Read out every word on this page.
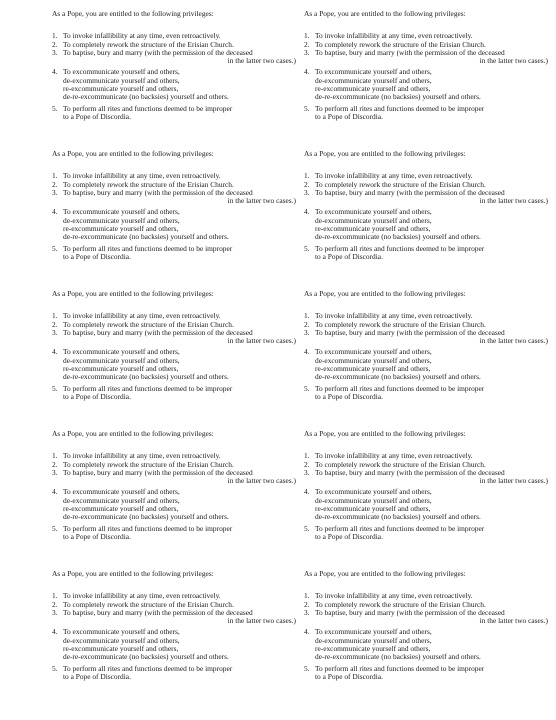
As a Pope, you are entitled to the following privileges:
1. To invoke infallibility at any time, even retroactively.
2. To completely rework the structure of the Erisian Church.
3. To baptise, bury and marry (with the permission of the deceased
in the latter two cases.)
4. To excommunicate yourself and others,
de-excommunicate yourself and others,
re-excommunicate yourself and others,
de-re-excommunicate (no backsies) yourself and others.
5. To perform all rites and functions deemed to be improper
to a Pope of Discordia.
As a Pope, you are entitled to the following privileges:
1. To invoke infallibility at any time, even retroactively.
2. To completely rework the structure of the Erisian Church.
3. To baptise, bury and marry (with the permission of the deceased
in the latter two cases.)
4. To excommunicate yourself and others,
de-excommunicate yourself and others,
re-excommunicate yourself and others,
de-re-excommunicate (no backsies) yourself and others.
5. To perform all rites and functions deemed to be improper
to a Pope of Discordia.
As a Pope, you are entitled to the following privileges:
1. To invoke infallibility at any time, even retroactively.
2. To completely rework the structure of the Erisian Church.
3. To baptise, bury and marry (with the permission of the deceased
in the latter two cases.)
4. To excommunicate yourself and others,
de-excommunicate yourself and others,
re-excommunicate yourself and others,
de-re-excommunicate (no backsies) yourself and others.
5. To perform all rites and functions deemed to be improper
to a Pope of Discordia.
As a Pope, you are entitled to the following privileges:
1. To invoke infallibility at any time, even retroactively.
2. To completely rework the structure of the Erisian Church.
3. To baptise, bury and marry (with the permission of the deceased
in the latter two cases.)
4. To excommunicate yourself and others,
de-excommunicate yourself and others,
re-excommunicate yourself and others,
de-re-excommunicate (no backsies) yourself and others.
5. To perform all rites and functions deemed to be improper
to a Pope of Discordia.
As a Pope, you are entitled to the following privileges:
1. To invoke infallibility at any time, even retroactively.
2. To completely rework the structure of the Erisian Church.
3. To baptise, bury and marry (with the permission of the deceased
in the latter two cases.)
4. To excommunicate yourself and others,
de-excommunicate yourself and others,
re-excommunicate yourself and others,
de-re-excommunicate (no backsies) yourself and others.
5. To perform all rites and functions deemed to be improper
to a Pope of Discordia.
As a Pope, you are entitled to the following privileges:
1. To invoke infallibility at any time, even retroactively.
2. To completely rework the structure of the Erisian Church.
3. To baptise, bury and marry (with the permission of the deceased
in the latter two cases.)
4. To excommunicate yourself and others,
de-excommunicate yourself and others,
re-excommunicate yourself and others,
de-re-excommunicate (no backsies) yourself and others.
5. To perform all rites and functions deemed to be improper
to a Pope of Discordia.
As a Pope, you are entitled to the following privileges:
1. To invoke infallibility at any time, even retroactively.
2. To completely rework the structure of the Erisian Church.
3. To baptise, bury and marry (with the permission of the deceased
in the latter two cases.)
4. To excommunicate yourself and others,
de-excommunicate yourself and others,
re-excommunicate yourself and others,
de-re-excommunicate (no backsies) yourself and others.
5. To perform all rites and functions deemed to be improper
to a Pope of Discordia.
As a Pope, you are entitled to the following privileges:
1. To invoke infallibility at any time, even retroactively.
2. To completely rework the structure of the Erisian Church.
3. To baptise, bury and marry (with the permission of the deceased
in the latter two cases.)
4. To excommunicate yourself and others,
de-excommunicate yourself and others,
re-excommunicate yourself and others,
de-re-excommunicate (no backsies) yourself and others.
5. To perform all rites and functions deemed to be improper
to a Pope of Discordia.
As a Pope, you are entitled to the following privileges:
1. To invoke infallibility at any time, even retroactively.
2. To completely rework the structure of the Erisian Church.
3. To baptise, bury and marry (with the permission of the deceased
in the latter two cases.)
4. To excommunicate yourself and others,
de-excommunicate yourself and others,
re-excommunicate yourself and others,
de-re-excommunicate (no backsies) yourself and others.
5. To perform all rites and functions deemed to be improper
to a Pope of Discordia.
As a Pope, you are entitled to the following privileges:
1. To invoke infallibility at any time, even retroactively.
2. To completely rework the structure of the Erisian Church.
3. To baptise, bury and marry (with the permission of the deceased
in the latter two cases.)
4. To excommunicate yourself and others,
de-excommunicate yourself and others,
re-excommunicate yourself and others,
de-re-excommunicate (no backsies) yourself and others.
5. To perform all rites and functions deemed to be improper
to a Pope of Discordia.
